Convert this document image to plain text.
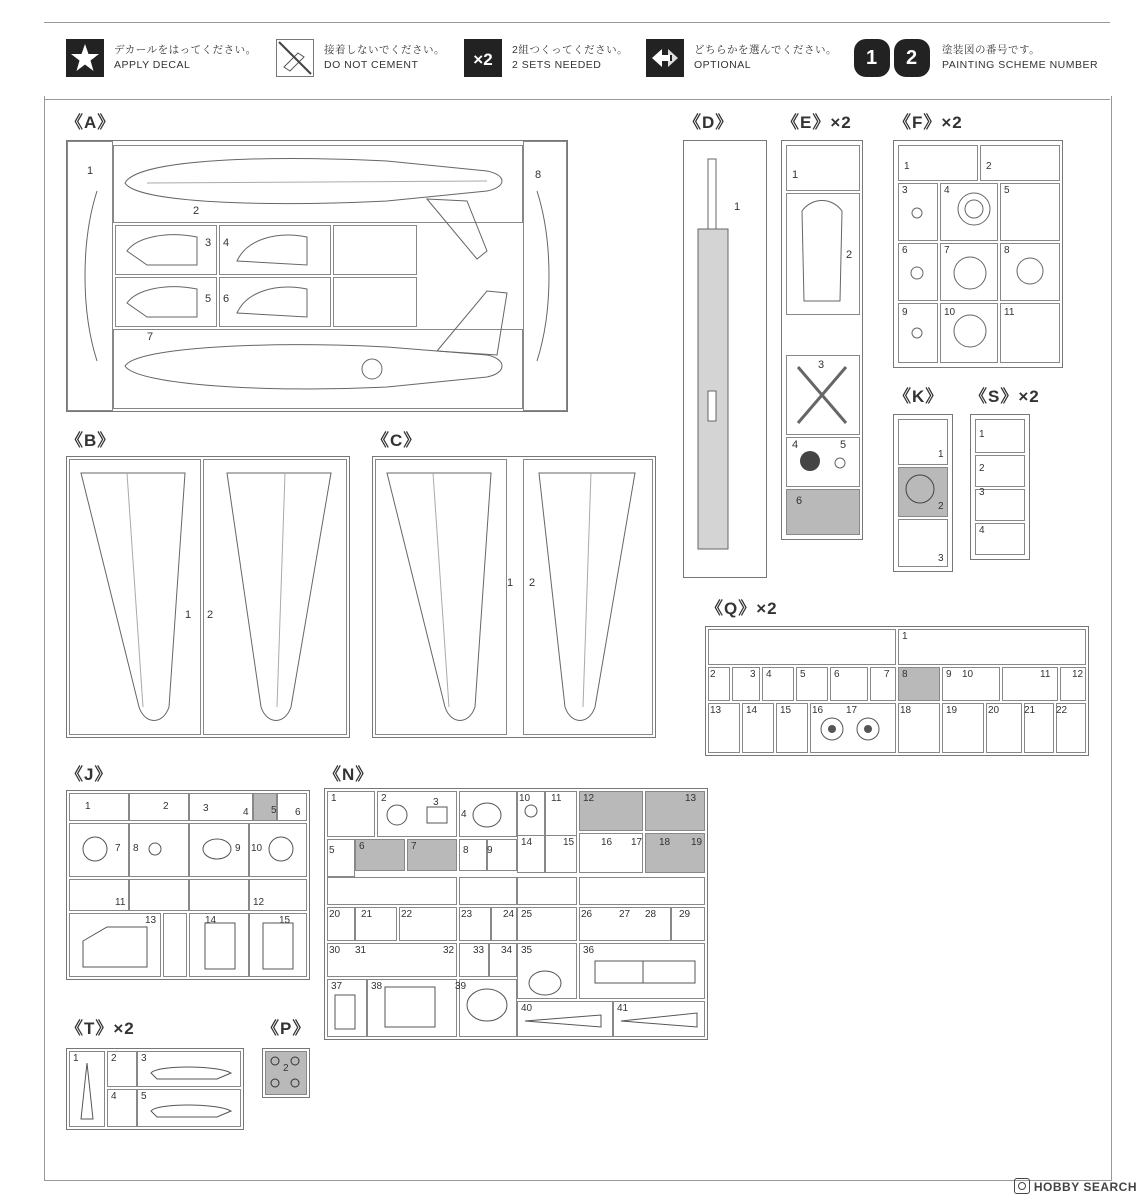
デカールをはってください。
APPLY DECAL
接着しないでください。
DO NOT CEMENT	×2 2組つくってください。
2 SETS NEEDED
どちらかを選んでください。
OPTIONAL	1 2 塗装図の番号です。
PAINTING SCHEME NUMBER
《A》
1
2
3 4
5 6
7
8
《B》
1 2
《C》
1 2
《D》
1
《E》×2
1
2
3
4	5
6
《F》×2
1	2
3	4	5
6	7	8
9	10	11
《K》
1
2
3
《S》×2
1
2
3
4
《Q》×2
1
2	3 4	5	6	7 8	9 10	11 12
13 14 15 16 17	18	19	20 21 22
《J》
1	2	3	4 5 6
7 8	9 10
11	12
13	14	15
《N》
1	2	3
4
5 6	7	8 9
10 11 12	13
14	15	16 17 18 19
20 21	22	23	24 25	26	27 28 29
30 31	32 33 34 35	36
37	38	39
40	41
《T》×2
1	2 3
4 5
《P》
2
HOBBY SEARCH
